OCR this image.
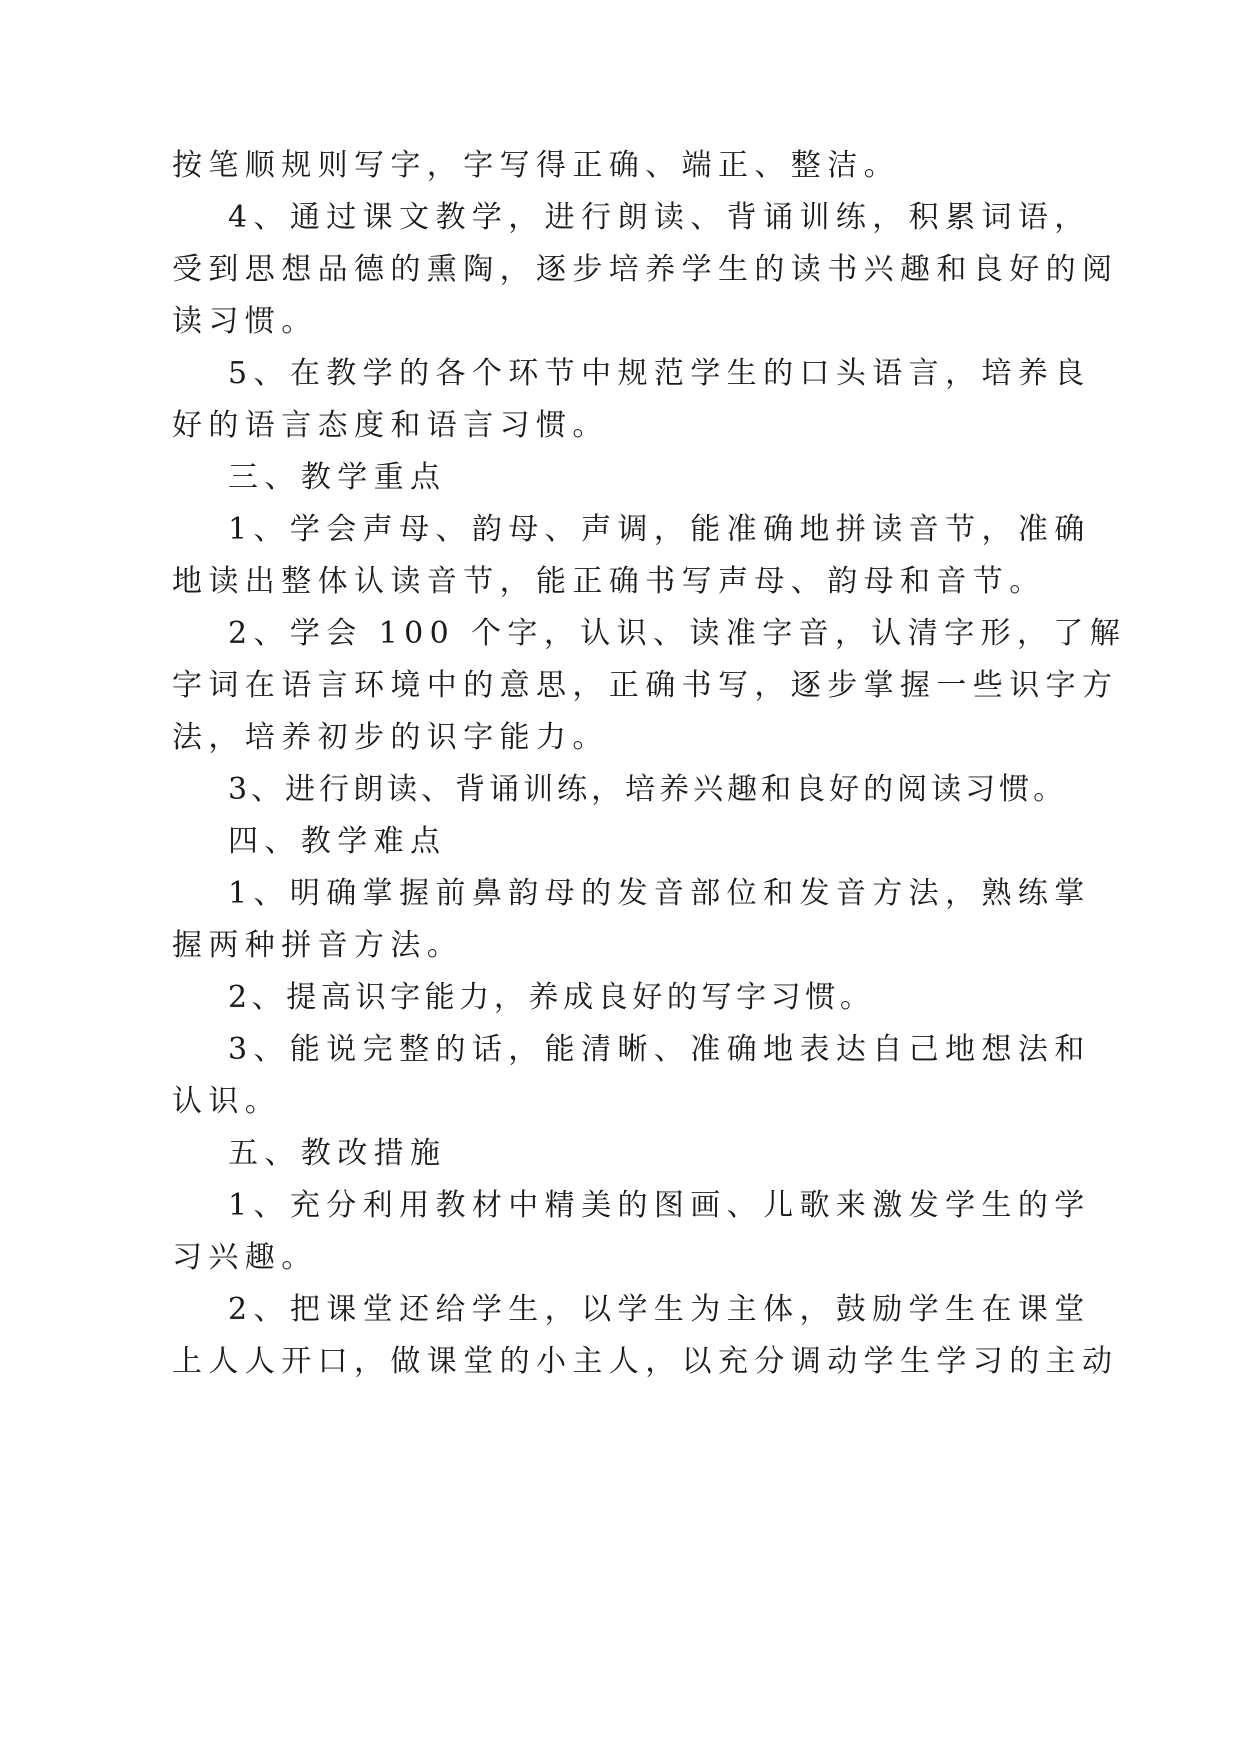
按笔顺规则写字，字写得正确、端正、整洁。

4、通过课文教学，进行朗读、背诵训练，积累词语，

受到思想品德的熏陶，逐步培养学生的读书兴趣和良好的阅

读习惯。

5、在教学的各个环节中规范学生的口头语言，培养良

好的语言态度和语言习惯。

三、教学重点

1、学会声母、韵母、声调，能准确地拼读音节，准确

地读出整体认读音节，能正确书写声母、韵母和音节。

2、学会 100 个字，认识、读准字音，认清字形，了解

字词在语言环境中的意思，正确书写，逐步掌握一些识字方

法，培养初步的识字能力。

3、进行朗读、背诵训练，培养兴趣和良好的阅读习惯。

四、教学难点

1、明确掌握前鼻韵母的发音部位和发音方法，熟练掌

握两种拼音方法。

2、提高识字能力，养成良好的写字习惯。

3、能说完整的话，能清晰、准确地表达自己地想法和

认识。

五、教改措施

1、充分利用教材中精美的图画、儿歌来激发学生的学

习兴趣。

2、把课堂还给学生，以学生为主体，鼓励学生在课堂

上人人开口，做课堂的小主人，以充分调动学生学习的主动
